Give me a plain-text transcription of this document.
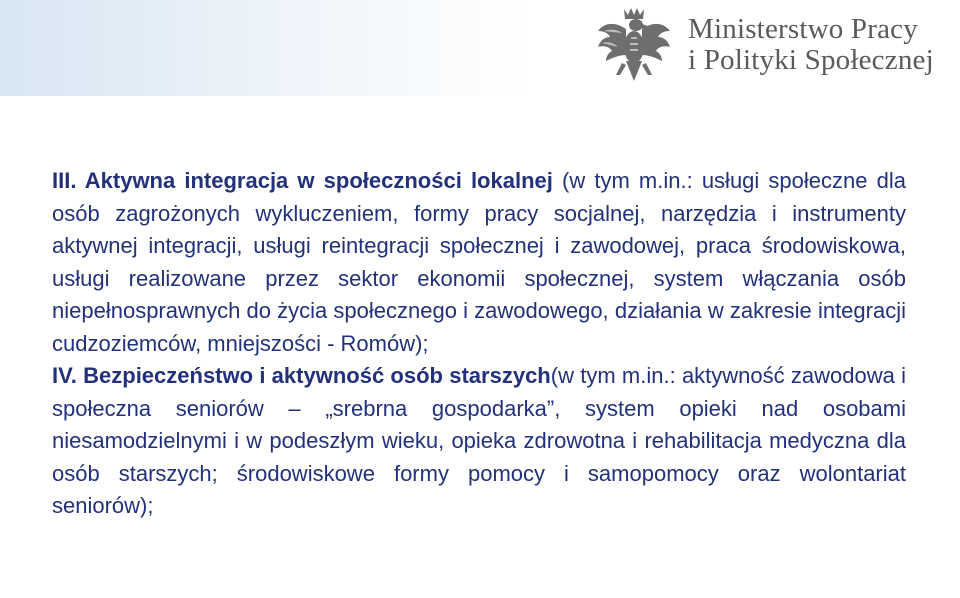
Ministerstwo Pracy
i Polityki Społecznej

III. Aktywna integracja w społeczności lokalnej (w tym m.in.: usługi społeczne dla osób zagrożonych wykluczeniem, formy pracy socjalnej, narzędzia i instrumenty aktywnej integracji, usługi reintegracji społecznej i zawodowej, praca środowiskowa, usługi realizowane przez sektor ekonomii społecznej, system włączania osób niepełnosprawnych do życia społecznego i zawodowego, działania w zakresie integracji cudzoziemców, mniejszości - Romów);

IV. Bezpieczeństwo i aktywność osób starszych(w tym m.in.: aktywność zawodowa i społeczna seniorów – „srebrna gospodarka”, system opieki nad osobami niesamodzielnymi i w podeszłym wieku, opieka zdrowotna i rehabilitacja medyczna dla osób starszych; środowiskowe formy pomocy i samopomocy oraz wolontariat seniorów);
